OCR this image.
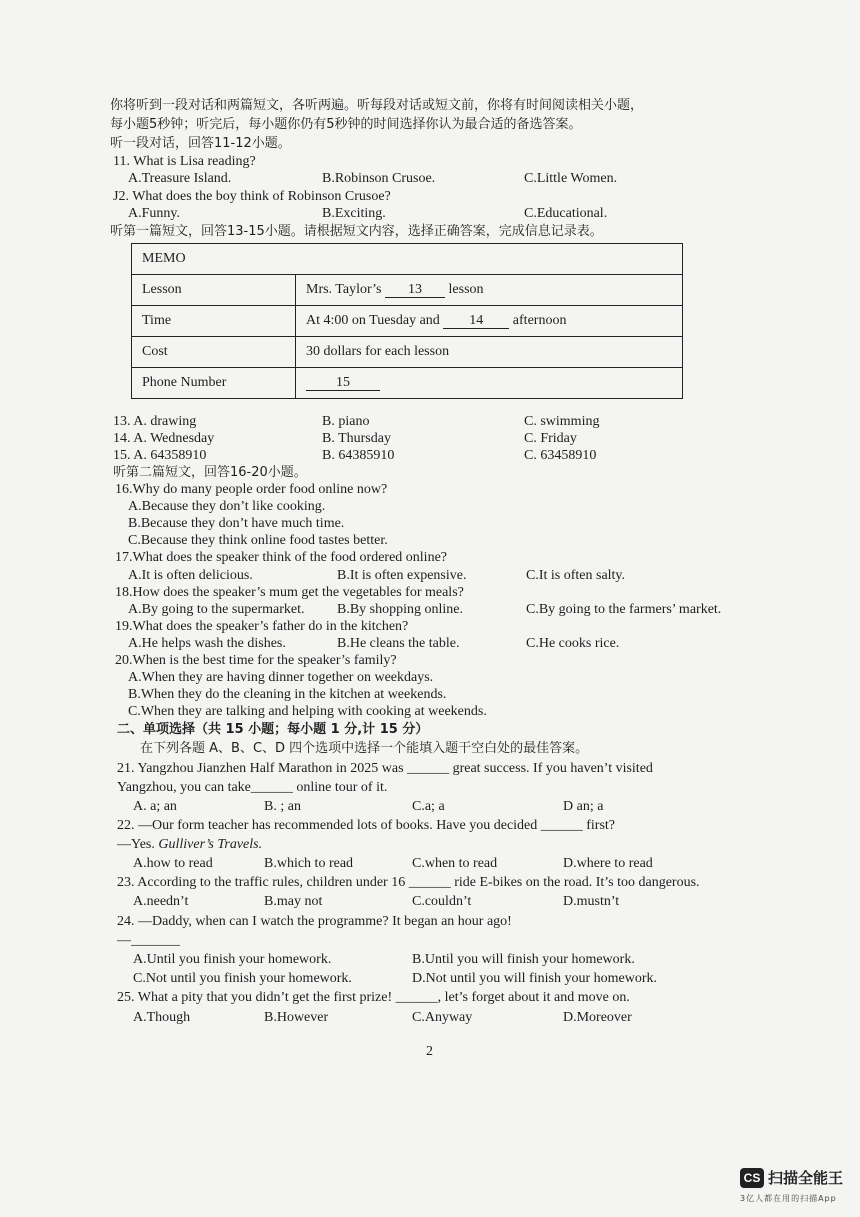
你将听到一段对话和两篇短文，各听两遍。听每段对话或短文前，你将有时间阅读相关小题，
每小题5秒钟；听完后，每小题你仍有5秒钟的时间选择你认为最合适的备选答案。
听一段对话，回答11-12小题。
11. What is Lisa reading?
A.Treasure Island.	B.Robinson Crusoe.	C.Little Women.
J2. What does the boy think of Robinson Crusoe?
A.Funny.	B.Exciting.	C.Educational.
听第一篇短文，回答13-15小题。请根据短文内容，选择正确答案，完成信息记录表。
MEMO	
Lesson	Mrs. Taylor’s 13 lesson
Time	At 4:00 on Tuesday and 14 afternoon
Cost	30 dollars for each lesson
Phone Number	15
13. A. drawing	B. piano	C. swimming
14. A. Wednesday	B. Thursday	C. Friday
15. A. 64358910	B. 64385910	C. 63458910
听第二篇短文，回答16-20小题。
16.Why do many people order food online now?
A.Because they don’t like cooking.
B.Because they don’t have much time.
C.Because they think online food tastes better.
17.What does the speaker think of the food ordered online?
A.It is often delicious.	B.It is often expensive.	C.It is often salty.
18.How does the speaker’s mum get the vegetables for meals?
A.By going to the supermarket. B.By shopping online.	C.By going to the farmers’ market.
19.What does the speaker’s father do in the kitchen?
A.He helps wash the dishes.	B.He cleans the table.	C.He cooks rice.
20.When is the best time for the speaker’s family?
A.When they are having dinner together on weekdays.
B.When they do the cleaning in the kitchen at weekends.
C.When they are talking and helping with cooking at weekends.
二、单项选择（共 15 小题；每小题 1 分,计 15 分）
在下列各题 A、B、C、D 四个选项中选择一个能填入题干空白处的最佳答案。
21. Yangzhou Jianzhen Half Marathon in 2025 was ______ great success. If you haven’t visited
Yangzhou, you can take______ online tour of it.
A. a; an	B. ; an	C.a; a	D an; a
22. —Our form teacher has recommended lots of books. Have you decided ______ first?
—Yes. Gulliver’s Travels.
A.how to read	B.which to read	C.when to read	D.where to read
23. According to the traffic rules, children under 16 ______ ride E-bikes on the road. It’s too dangerous.
A.needn’t	B.may not	C.couldn’t	D.mustn’t
24. —Daddy, when can I watch the programme? It began an hour ago!
—_______
A.Until you finish your homework.	B.Until you will finish your homework.
C.Not until you finish your homework.	D.Not until you will finish your homework.
25. What a pity that you didn’t get the first prize! ______, let’s forget about it and move on.
A.Though	B.However	C.Anyway	D.Moreover
2
CS 扫描全能王
3亿人都在用的扫描App
